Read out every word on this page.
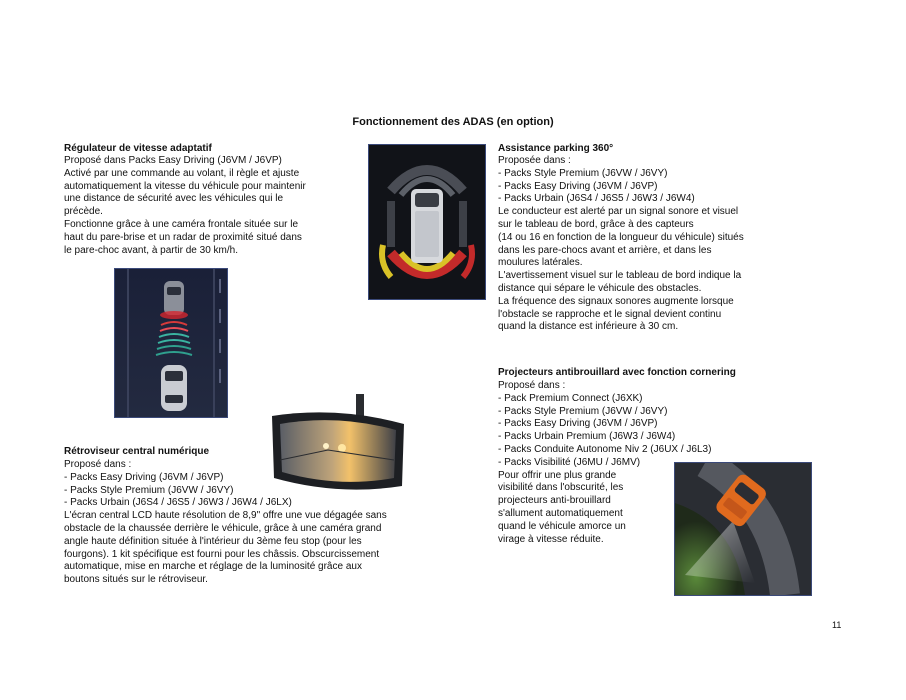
Fonctionnement des ADAS (en option)
Régulateur de vitesse adaptatif
Proposé dans Packs Easy Driving (J6VM / J6VP)
Activé par une commande au volant, il règle et ajuste
automatiquement la vitesse du véhicule pour maintenir
une distance de sécurité avec les véhicules qui le
précède.
Fonctionne grâce à une caméra frontale située sur le
haut du pare-brise et un radar de proximité situé dans
le pare-choc avant, à partir de 30 km/h.
Rétroviseur central numérique
Proposé dans :
- Packs Easy Driving (J6VM / J6VP)
- Packs Style Premium (J6VW / J6VY)
- Packs Urbain (J6S4 / J6S5 / J6W3 / J6W4 / J6LX)
L'écran central LCD haute résolution de 8,9" offre une vue dégagée sans
obstacle de la chaussée derrière le véhicule, grâce à une caméra grand
angle haute définition située à l'intérieur du 3ème feu stop (pour les
fourgons). 1 kit spécifique est fourni pour les châssis. Obscurcissement
automatique, mise en marche et réglage de la luminosité grâce aux
boutons situés sur le rétroviseur.
Assistance parking 360°
Proposée dans :
- Packs Style Premium (J6VW / J6VY)
- Packs Easy Driving (J6VM / J6VP)
- Packs Urbain (J6S4 / J6S5 / J6W3 / J6W4)
Le conducteur est alerté par un signal sonore et visuel
sur le tableau de bord, grâce à des capteurs
(14 ou 16 en fonction de la longueur du véhicule) situés
dans les pare-chocs avant et arrière, et dans les
moulures latérales.
L'avertissement visuel sur le tableau de bord indique la
distance qui sépare le véhicule des obstacles.
La fréquence des signaux sonores augmente lorsque
l'obstacle se rapproche et le signal devient continu
quand la distance est inférieure à 30 cm.
Projecteurs antibrouillard avec fonction cornering
Proposé dans :
- Pack Premium Connect (J6XK)
- Packs Style Premium (J6VW / J6VY)
- Packs Easy Driving (J6VM / J6VP)
- Packs Urbain Premium (J6W3 / J6W4)
- Packs Conduite Autonome Niv 2 (J6UX / J6L3)
- Packs Visibilité (J6MU / J6MV)
Pour offrir une plus grande
visibilité dans l'obscurité, les
projecteurs anti-brouillard
s'allument automatiquement
quand le véhicule amorce un
virage à vitesse réduite.
11
